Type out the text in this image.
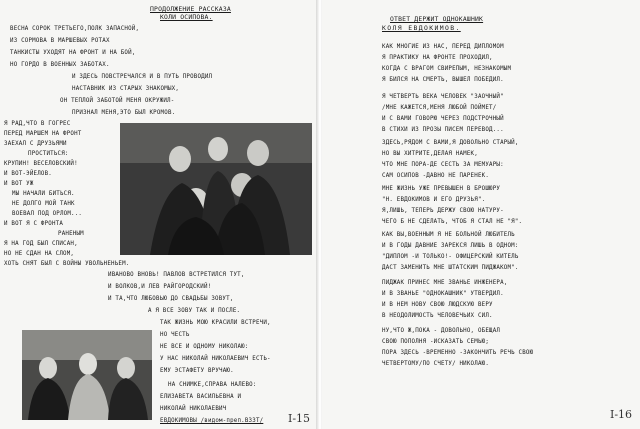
ПРОДОЛЖЕНИЕ РАССКАЗА
КОЛИ ОСИПОВА.
ВЕСНА СОРОК ТРЕТЬЕГО,ПОЛК ЗАПАСНОЙ,
ИЗ СОРМОВА В МАРШЕВЫХ РОТАХ
ТАНКИСТЫ УХОДЯТ НА ФРОНТ И НА БОЙ,
НО ГОРДО В ВОЕННЫХ ЗАБОТАХ.
И ЗДЕСЬ ПОВСТРЕЧАЛСЯ И В ПУТЬ ПРОВОДИЛ
НАСТАВНИК ИЗ СТАРЫХ ЗНАКОМЫХ,
ОН ТЕПЛОЙ ЗАБОТОЙ МЕНЯ ОКРУЖИЛ-
ПРИЗНАЛ МЕНЯ,ЭТО БЫЛ КРОМОВ.
Я РАД,ЧТО В ГОГРЕС
ПЕРЕД МАРШЕМ НА ФРОНТ
ЗАЕХАЛ С ДРУЗЬЯМИ
ПРОСТИТЬСЯ:
КРУПИН! ВЕСЕЛОВСКИЙ!
И ВОТ-ЭЙЕЛОВ.
И ВОТ УЖ
МЫ НАЧАЛИ БИТЬСЯ.
НЕ ДОЛГО МОЙ ТАНК
ВОЕВАЛ ПОД ОРЛОМ...
И ВОТ Я С ФРОНТА
РАНЕНЫМ
Я НА ГОД БЫЛ СПИСАН,
НО НЕ СДАН НА СЛОМ,
ХОТЬ СНЯТ БЫЛ С ВОЙНЫ УВОЛЬНЕНЬЕМ.
ИВАНОВО ВНОВЬ! ПАВЛОВ ВСТРЕТИЛСЯ ТУТ,
И ВОЛКОВ,И ЛЕВ РАЙГОРОДСКИЙ!
И ТА,ЧТО ЛЮБОВЬЮ ДО СВАДЬБЫ ЗОВУТ,
А Я ВСЕ ЗОВУ ТАК И ПОСЛЕ.
ТАК ЖИЗНЬ МОЮ КРАСИЛИ ВСТРЕЧИ,
НО ЧЕСТЬ
НЕ ВСЕ И ОДНОМУ НИКОЛАЮ:
У НАС НИКОЛАЙ НИКОЛАЕВИЧ ЕСТЬ-
ЕМУ ЭСТАФЕТУ ВРУЧАЮ.
НА СНИМКЕ,СПРАВА НАЛЕВО:
ЕЛИЗАВЕТА ВАСИЛЬЕВНА И
НИКОЛАЙ НИКОЛАЕВИЧ
ЕВДОКИМОВЫ /видом-преп.ВЗЗТ/ I-15
ОТВЕТ ДЕРЖИТ ОДНОКАШНИК
КОЛЯ ЕВДОКИМОВ.
КАК МНОГИЕ ИЗ НАС, ПЕРЕД ДИПЛОМОМ
Я ПРАКТИКУ НА ФРОНТЕ ПРОХОДИЛ,
КОГДА С ВРАГОМ СВИРЕПЫМ, НЕЗНАКОМЫМ
Я БИЛСЯ НА СМЕРТЬ, ВЫШЕЛ ПОБЕДИЛ.
Я ЧЕТВЕРТЬ ВЕКА ЧЕЛОВЕК "ЗАОЧНЫЙ"
/МНЕ КАЖЕТСЯ,МЕНЯ ЛЮБОЙ ПОЙМЕТ/
И С ВАМИ ГОВОРЮ ЧЕРЕЗ ПОДСТРОЧНЫЙ
В СТИХИ ИЗ ПРОЗЫ ПИСЕМ ПЕРЕВОД...
ЗДЕСЬ,РЯДОМ С ВАМИ,Я ДОВОЛЬНО СТАРЫЙ,
НО ВЫ ХИТРИТЕ,ДЕЛАЯ НАМЕК,
ЧТО МНЕ ПОРА-ДЕ СЕСТЬ ЗА МЕМУАРЫ:
САМ ОСИПОВ -ДАВНО НЕ ПАРЕНЕК.
МНЕ ЖИЗНЬ УЖЕ ПРЕВЫШЕН В БРОШЮРУ
"Н. ЕВДОКИМОВ И ЕГО ДРУЗЬЯ".
Я,ЛИШЬ, ТЕПЕРЬ ДЕРЖУ СВОЮ НАТУРУ-
ЧЕГО Б НЕ СДЕЛАТЬ, ЧТОБ Я СТАЛ НЕ "Я".
КАК ВЫ,ВОЕННЫМ Я НЕ БОЛЬНОЙ ЛЮБИТЕЛЬ
И В ГОДЫ ДАВНИЕ ЗАРЕКСЯ ЛИШЬ В ОДНОМ:
"ДИПЛОМ -И ТОЛЬКО!- ОФИЦЕРСКИЙ КИТЕЛЬ
ДАСТ ЗАМЕНИТЬ МНЕ ШТАТСКИМ ПИДЖАКОМ".
ПИДЖАК ПРИНЕС МНЕ ЗВАНЬЕ ИНЖЕНЕРА,
И В ЗВАНЬЕ "ОДНОКАШНИК" УТВЕРДИЛ.
И В НЕМ НОВУ СВОЮ ЛЮДСКУЮ ВЕРУ
В НЕОДОЛИМОСТЬ ЧЕЛОВЕЧЬИХ СИЛ.
НУ,ЧТО Ж,ПОКА - ДОВОЛЬНО, ОБЕЩАЛ
СВОЮ ПОПОЛНЯ -ИСКАЗАТЬ СЕМЬЮ;
ПОРА ЗДЕСЬ -ВРЕМЕННО -ЗАКОНЧИТЬ РЕЧЬ СВОЮ
ЧЕТВЕРТОМУ/ПО СЧЕТУ/ НИКОЛАЮ.
I-16
